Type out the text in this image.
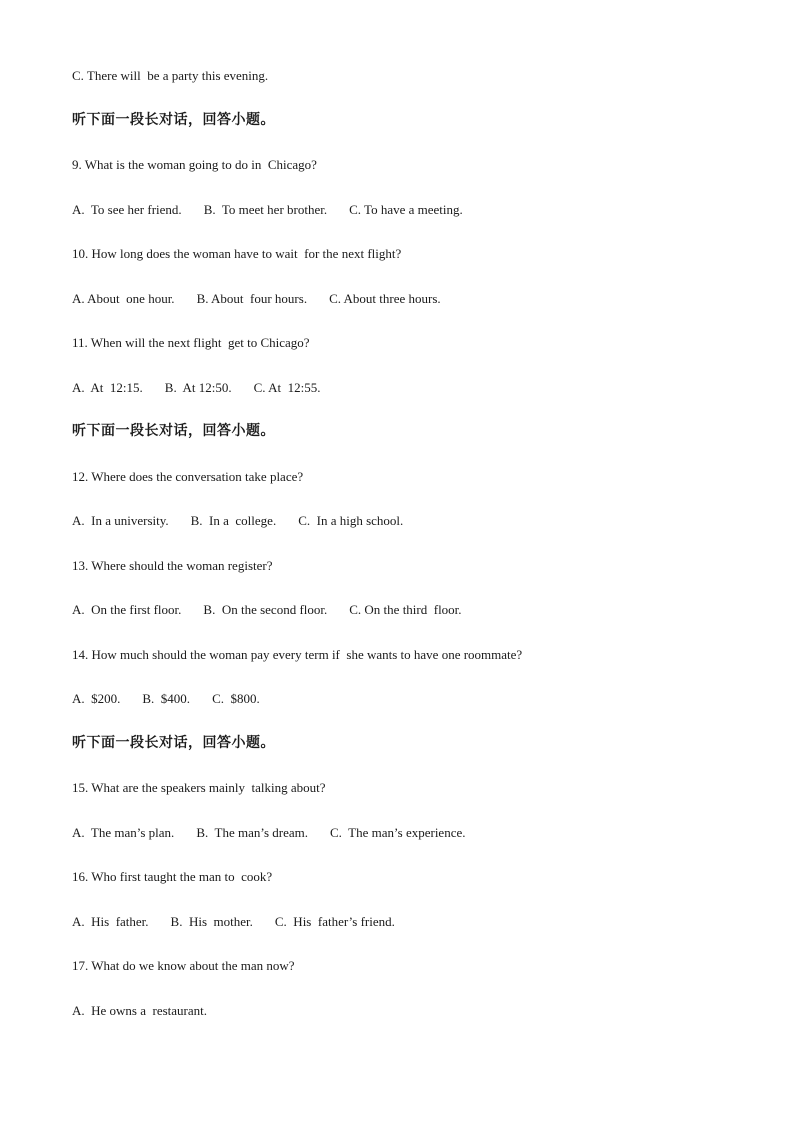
C. There will  be a party this evening.
听下面一段长对话，回答小题。
9. What is the woman going to do in  Chicago?
A.  To see her friend. B.  To meet her brother. C. To have a meeting.
10. How long does the woman have to wait  for the next flight?
A. About  one hour. B. About  four hours. C. About three hours.
11. When will the next flight  get to Chicago?
A.  At  12:15. B.  At 12:50. C. At  12:55.
听下面一段长对话，回答小题。
12. Where does the conversation take place?
A.  In a university. B.  In a  college. C.  In a high school.
13. Where should the woman register?
A.  On the first floor. B.  On the second floor. C. On the third  floor.
14. How much should the woman pay every term if  she wants to have one roommate?
A.  $200. B.  $400. C.  $800.
听下面一段长对话，回答小题。
15. What are the speakers mainly  talking about?
A.  The man’s plan. B.  The man’s dream. C.  The man’s experience.
16. Who first taught the man to  cook?
A.  His  father. B.  His  mother. C.  His  father’s friend.
17. What do we know about the man now?
A.  He owns a  restaurant.
